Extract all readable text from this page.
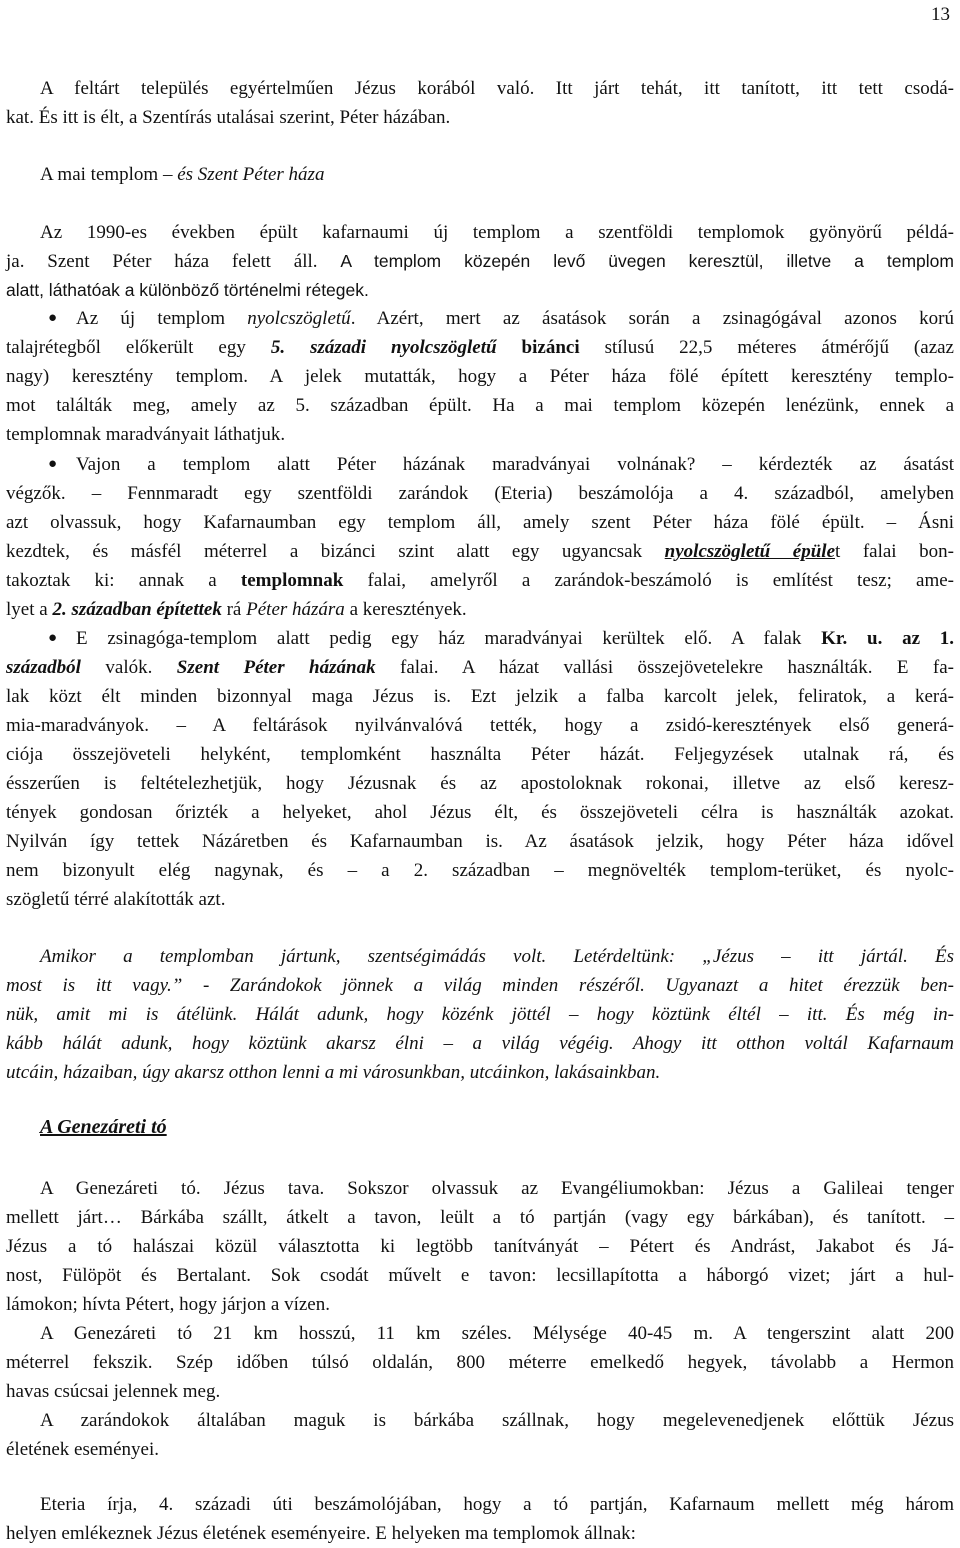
13
A feltárt település egyértelműen Jézus korából való. Itt járt tehát, itt tanított, itt tett csodá-
kat. És itt is élt, a Szentírás utalásai szerint, Péter házában.
A mai templom – és Szent Péter háza
Az 1990-es években épült kafarnaumi új templom a szentföldi templomok gyönyörű példá-
ja. Szent Péter háza felett áll. A templom közepén levő üvegen keresztül, illetve a templom
alatt, láthatóak a különböző történelmi rétegek.
● Az új templom nyolcszögletű. Azért, mert az ásatások során a zsinagógával azonos korú
talajrétegből előkerült egy 5. századi nyolcszögletű bizánci stílusú 22,5 méteres átmérőjű (azaz
nagy) keresztény templom. A jelek mutatták, hogy a Péter háza fölé épített keresztény templo-
mot találták meg, amely az 5. században épült. Ha a mai templom közepén lenézünk, ennek a
templomnak maradványait láthatjuk.
● Vajon a templom alatt Péter házának maradványai volnának? – kérdezték az ásatást
végzők. – Fennmaradt egy szentföldi zarándok (Eteria) beszámolója a 4. századból, amelyben
azt olvassuk, hogy Kafarnaumban egy templom áll, amely szent Péter háza fölé épült. – Ásni
kezdtek, és másfél méterrel a bizánci szint alatt egy ugyancsak nyolcszögletű épület falai bon-
takoztak ki: annak a templomnak falai, amelyről a zarándok-beszámoló is említést tesz; ame-
lyet a 2. században építettek rá Péter házára a keresztények.
● E zsinagóga-templom alatt pedig egy ház maradványai kerültek elő. A falak Kr. u. az 1.
századból valók. Szent Péter házának falai. A házat vallási összejövetelekre használták. E fa-
lak közt élt minden bizonnyal maga Jézus is. Ezt jelzik a falba karcolt jelek, feliratok, a kerá-
mia-maradványok. – A feltárások nyilvánvalóvá tették, hogy a zsidó-keresztények első generá-
ciója összejöveteli helyként, templomként használta Péter házát. Feljegyzések utalnak rá, és
ésszerűen is feltételezhetjük, hogy Jézusnak és az apostoloknak rokonai, illetve az első keresz-
tények gondosan őrizték a helyeket, ahol Jézus élt, és összejöveteli célra is használták azokat.
Nyilván így tettek Názáretben és Kafarnaumban is. Az ásatások jelzik, hogy Péter háza idővel
nem bizonyult elég nagynak, és – a 2. században – megnövelték templom-terüket, és nyolc-
szögletű térré alakították azt.
Amikor a templomban jártunk, szentségimádás volt. Letérdeltünk: „Jézus – itt jártál. És
most is itt vagy.” - Zarándokok jönnek a világ minden részéről. Ugyanazt a hitet érezzük ben-
nük, amit mi is átélünk. Hálát adunk, hogy közénk jöttél – hogy köztünk éltél – itt. És még in-
kább hálát adunk, hogy köztünk akarsz élni – a világ végéig. Ahogy itt otthon voltál Kafarnaum
utcáin, házaiban, úgy akarsz otthon lenni a mi városunkban, utcáinkon, lakásainkban.
A Genezáreti tó
A Genezáreti tó. Jézus tava. Sokszor olvassuk az Evangéliumokban: Jézus a Galileai tenger
mellett járt… Bárkába szállt, átkelt a tavon, leült a tó partján (vagy egy bárkában), és tanított. –
Jézus a tó halászai közül választotta ki legtöbb tanítványát – Pétert és Andrást, Jakabot és Já-
nost, Fülöpöt és Bertalant. Sok csodát művelt e tavon: lecsillapította a háborgó vizet; járt a hul-
lámokon; hívta Pétert, hogy járjon a vízen.
A Genezáreti tó 21 km hosszú, 11 km széles. Mélysége 40-45 m. A tengerszint alatt 200
méterrel fekszik. Szép időben túlsó oldalán, 800 méterre emelkedő hegyek, távolabb a Hermon
havas csúcsai jelennek meg.
A zarándokok általában maguk is bárkába szállnak, hogy megelevenedjenek előttük Jézus
életének eseményei.
Eteria írja, 4. századi úti beszámolójában, hogy a tó partján, Kafarnaum mellett még három
helyen emlékeznek Jézus életének eseményeire. E helyeken ma templomok állnak:
